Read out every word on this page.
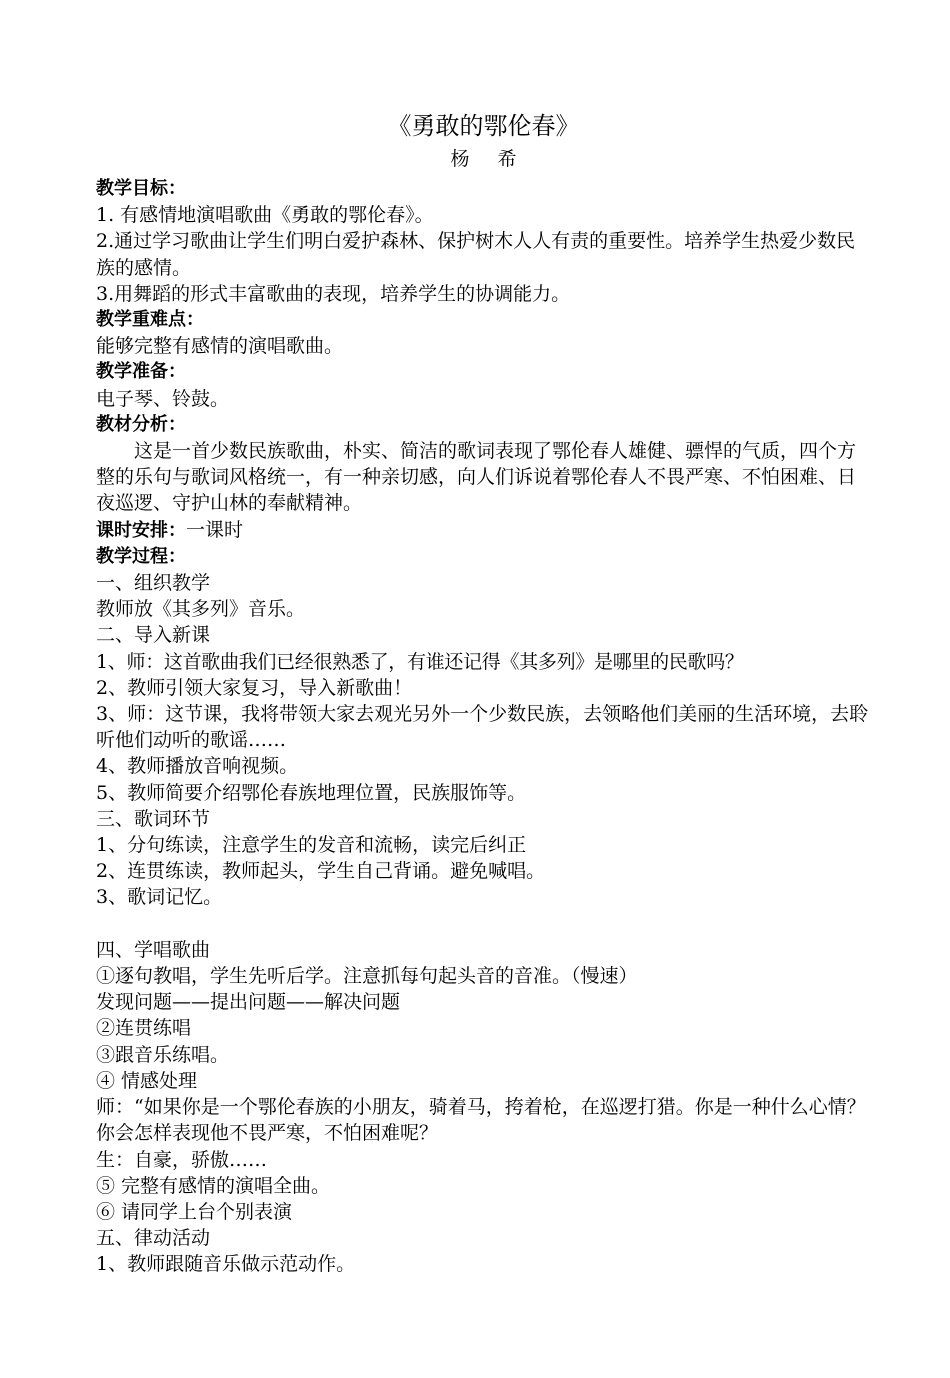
《勇敢的鄂伦春》
杨 希
教学目标：
1. 有感情地演唱歌曲《勇敢的鄂伦春》。
2.通过学习歌曲让学生们明白爱护森林、保护树木人人有责的重要性。培养学生热爱少数民族的感情。
3.用舞蹈的形式丰富歌曲的表现，培养学生的协调能力。
教学重难点：
能够完整有感情的演唱歌曲。
教学准备：
电子琴、铃鼓。
教材分析：
这是一首少数民族歌曲，朴实、简洁的歌词表现了鄂伦春人雄健、骠悍的气质，四个方整的乐句与歌词风格统一，有一种亲切感，向人们诉说着鄂伦春人不畏严寒、不怕困难、日夜巡逻、守护山林的奉献精神。
课时安排：一课时
教学过程：
一、组织教学
教师放《其多列》音乐。
二、导入新课
1、师：这首歌曲我们已经很熟悉了，有谁还记得《其多列》是哪里的民歌吗？
2、教师引领大家复习，导入新歌曲！
3、师：这节课，我将带领大家去观光另外一个少数民族，去领略他们美丽的生活环境，去聆听他们动听的歌谣……
4、教师播放音响视频。
5、教师简要介绍鄂伦春族地理位置，民族服饰等。
三、歌词环节
1、分句练读，注意学生的发音和流畅，读完后纠正
2、连贯练读，教师起头，学生自己背诵。避免喊唱。
3、歌词记忆。
四、学唱歌曲
①逐句教唱，学生先听后学。注意抓每句起头音的音准。（慢速）
发现问题——提出问题——解决问题
②连贯练唱
③跟音乐练唱。
④ 情感处理
师：“如果你是一个鄂伦春族的小朋友，骑着马，挎着枪，在巡逻打猎。你是一种什么心情？你会怎样表现他不畏严寒，不怕困难呢？
生：自豪，骄傲……
⑤ 完整有感情的演唱全曲。
⑥ 请同学上台个别表演
五、律动活动
1、教师跟随音乐做示范动作。
